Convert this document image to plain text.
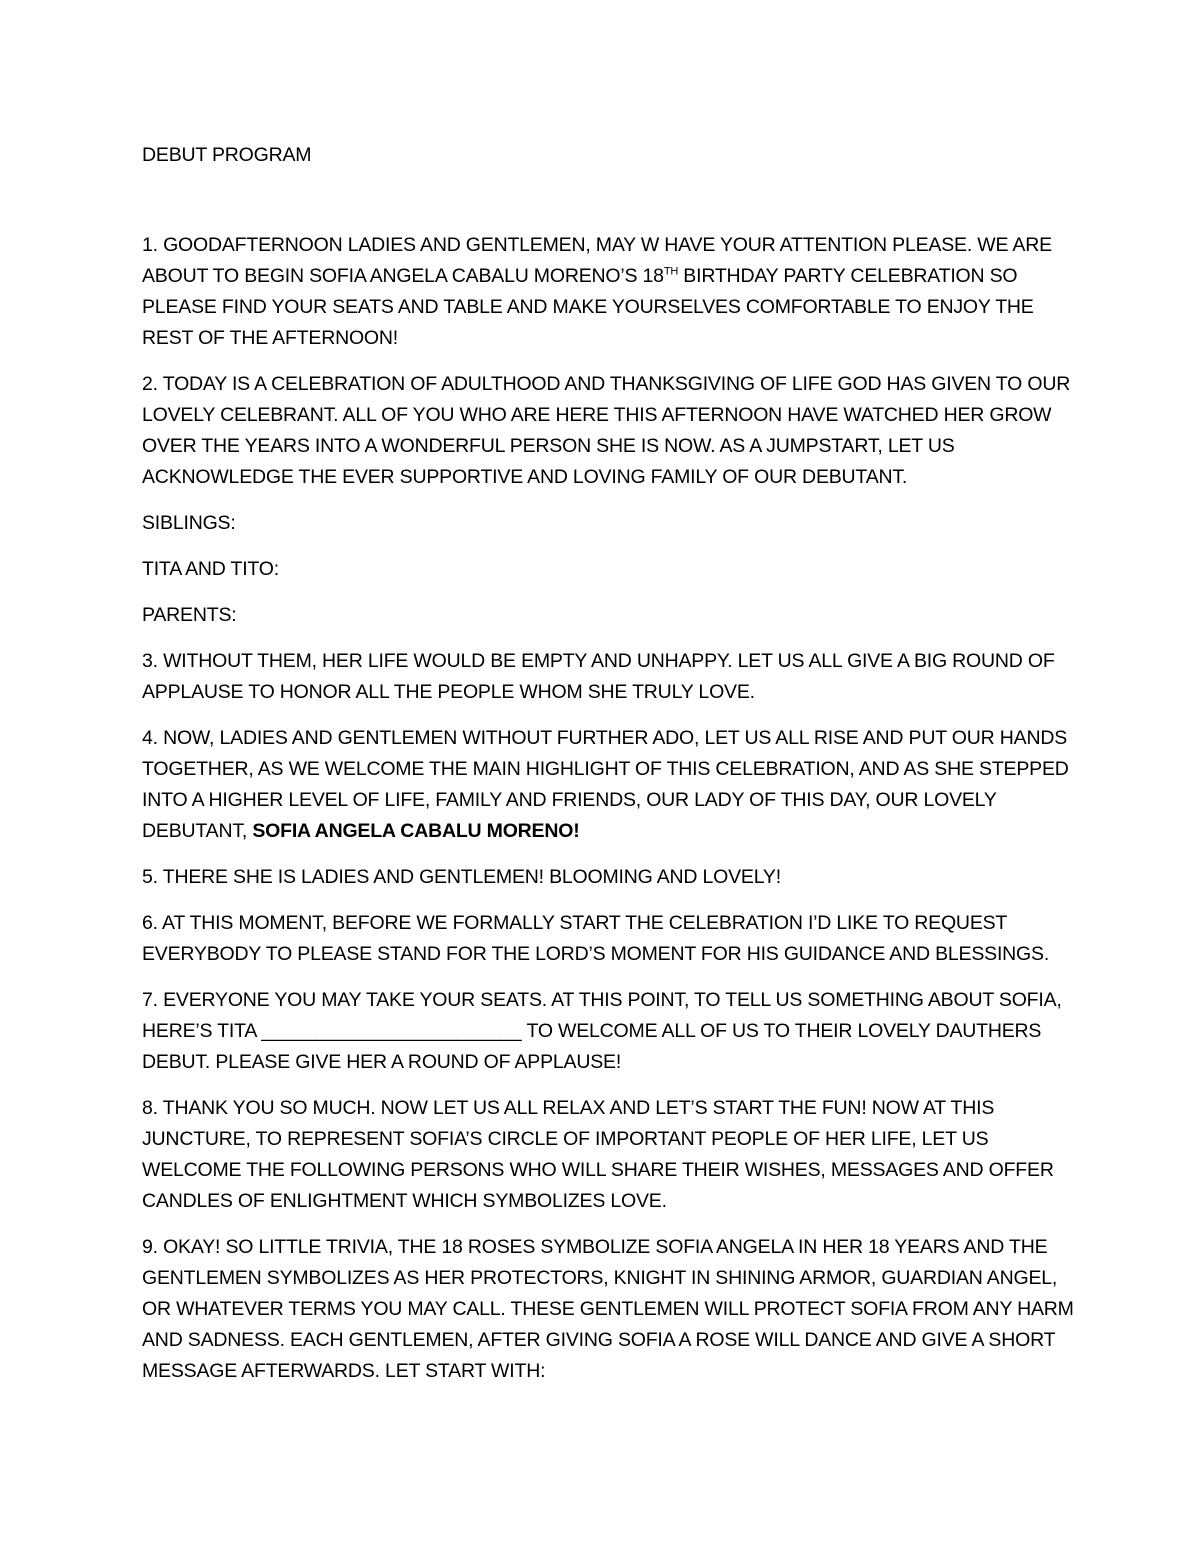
DEBUT PROGRAM

1. GOODAFTERNOON LADIES AND GENTLEMEN, MAY W HAVE YOUR ATTENTION PLEASE. WE ARE ABOUT TO BEGIN SOFIA ANGELA CABALU MORENO’S 18TH BIRTHDAY PARTY CELEBRATION SO PLEASE FIND YOUR SEATS AND TABLE AND MAKE YOURSELVES COMFORTABLE TO ENJOY THE REST OF THE AFTERNOON!

2. TODAY IS A CELEBRATION OF ADULTHOOD AND THANKSGIVING OF LIFE GOD HAS GIVEN TO OUR LOVELY CELEBRANT. ALL OF YOU WHO ARE HERE THIS AFTERNOON HAVE WATCHED HER GROW OVER THE YEARS INTO A WONDERFUL PERSON SHE IS NOW. AS A JUMPSTART, LET US ACKNOWLEDGE THE EVER SUPPORTIVE AND LOVING FAMILY OF OUR DEBUTANT.

SIBLINGS:

TITA AND TITO:

PARENTS:

3. WITHOUT THEM, HER LIFE WOULD BE EMPTY AND UNHAPPY. LET US ALL GIVE A BIG ROUND OF APPLAUSE TO HONOR ALL THE PEOPLE WHOM SHE TRULY LOVE.

4. NOW, LADIES AND GENTLEMEN WITHOUT FURTHER ADO, LET US ALL RISE AND PUT OUR HANDS TOGETHER, AS WE WELCOME THE MAIN HIGHLIGHT OF THIS CELEBRATION, AND AS SHE STEPPED INTO A HIGHER LEVEL OF LIFE, FAMILY AND FRIENDS, OUR LADY OF THIS DAY, OUR LOVELY DEBUTANT, SOFIA ANGELA CABALU MORENO!

5. THERE SHE IS LADIES AND GENTLEMEN! BLOOMING AND LOVELY!

6. AT THIS MOMENT, BEFORE WE FORMALLY START THE CELEBRATION I’D LIKE TO REQUEST EVERYBODY TO PLEASE STAND FOR THE LORD’S MOMENT FOR HIS GUIDANCE AND BLESSINGS.

7. EVERYONE YOU MAY TAKE YOUR SEATS. AT THIS POINT, TO TELL US SOMETHING ABOUT SOFIA, HERE’S TITA ________________________ TO WELCOME ALL OF US TO THEIR LOVELY DAUTHERS DEBUT. PLEASE GIVE HER A ROUND OF APPLAUSE!

8. THANK YOU SO MUCH. NOW LET US ALL RELAX AND LET’S START THE FUN! NOW AT THIS JUNCTURE, TO REPRESENT SOFIA’S CIRCLE OF IMPORTANT PEOPLE OF HER LIFE, LET US WELCOME THE FOLLOWING PERSONS WHO WILL SHARE THEIR WISHES, MESSAGES AND OFFER CANDLES OF ENLIGHTMENT WHICH SYMBOLIZES LOVE.

9. OKAY! SO LITTLE TRIVIA, THE 18 ROSES SYMBOLIZE SOFIA ANGELA IN HER 18 YEARS AND THE GENTLEMEN SYMBOLIZES AS HER PROTECTORS, KNIGHT IN SHINING ARMOR, GUARDIAN ANGEL, OR WHATEVER TERMS YOU MAY CALL. THESE GENTLEMEN WILL PROTECT SOFIA FROM ANY HARM AND SADNESS. EACH GENTLEMEN, AFTER GIVING SOFIA A ROSE WILL DANCE AND GIVE A SHORT MESSAGE AFTERWARDS. LET START WITH:
